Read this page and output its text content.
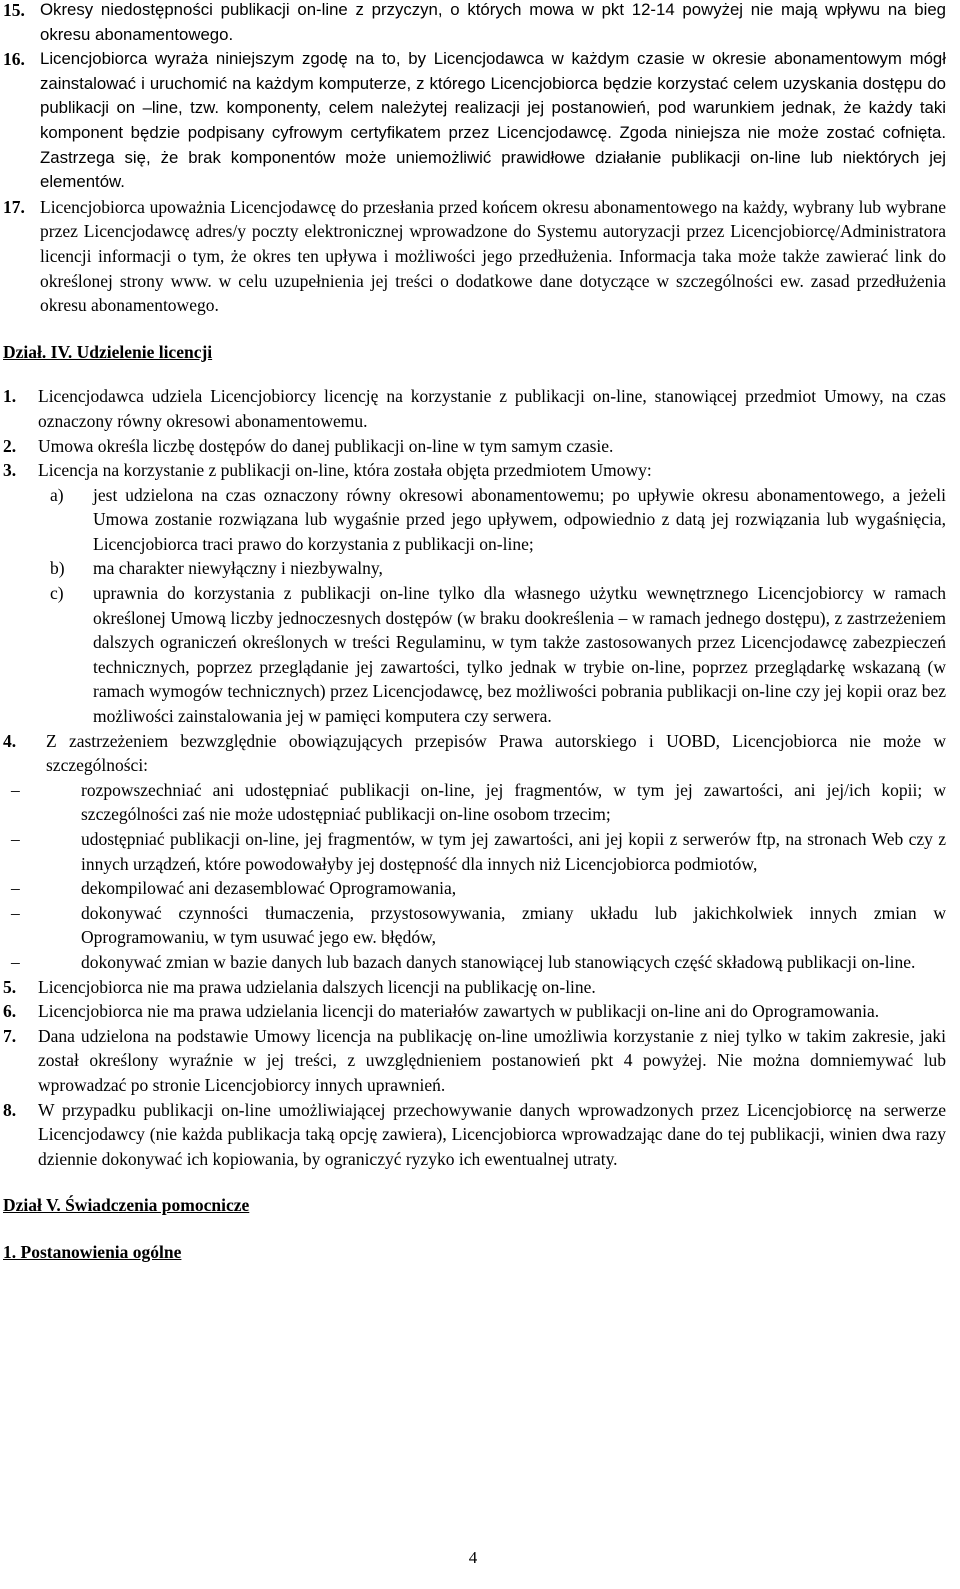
15. Okresy niedostępności publikacji on-line z przyczyn, o których mowa w pkt 12-14 powyżej nie mają wpływu na bieg okresu abonamentowego.
16. Licencjobiorca wyraża niniejszym zgodę na to, by Licencjodawca w każdym czasie w okresie abonamentowym mógł zainstalować i uruchomić na każdym komputerze, z którego Licencjobiorca będzie korzystać celem uzyskania dostępu do publikacji on –line, tzw. komponenty, celem należytej realizacji jej postanowień, pod warunkiem jednak, że każdy taki komponent będzie podpisany cyfrowym certyfikatem przez Licencjodawcę. Zgoda niniejsza nie może zostać cofnięta. Zastrzega się, że brak komponentów może uniemożliwić prawidłowe działanie publikacji on-line lub niektórych jej elementów.
17. Licencjobiorca upoważnia Licencjodawcę do przesłania przed końcem okresu abonamentowego na każdy, wybrany lub wybrane przez Licencjodawcę adres/y poczty elektronicznej wprowadzone do Systemu autoryzacji przez Licencjobiorcę/Administratora licencji informacji o tym, że okres ten upływa i możliwości jego przedłużenia. Informacja taka może także zawierać link do określonej strony www. w celu uzupełnienia jej treści o dodatkowe dane dotyczące w szczególności ew. zasad przedłużenia okresu abonamentowego.
Dział. IV. Udzielenie licencji
1.	Licencjodawca udziela Licencjobiorcy licencję na korzystanie z publikacji on-line, stanowiącej przedmiot Umowy, na czas oznaczony równy okresowi abonamentowemu.
2.	Umowa określa liczbę dostępów do danej publikacji on-line w tym samym czasie.
3.	Licencja na korzystanie z publikacji on-line, która została objęta przedmiotem Umowy:
a)	jest udzielona na czas oznaczony równy okresowi abonamentowemu; po upływie okresu abonamentowego, a jeżeli Umowa zostanie rozwiązana lub wygaśnie przed jego upływem, odpowiednio z datą jej rozwiązania lub wygaśnięcia, Licencjobiorca traci prawo do korzystania z publikacji on-line;
b)	ma charakter niewyłączny i niezbywalny,
c)	uprawnia do korzystania z publikacji on-line tylko dla własnego użytku wewnętrznego Licencjobiorcy w ramach określonej Umową liczby jednoczesnych dostępów (w braku dookreślenia – w ramach jednego dostępu), z zastrzeżeniem dalszych ograniczeń określonych w treści Regulaminu, w tym także zastosowanych przez Licencjodawcę zabezpieczeń technicznych, poprzez przeglądanie jej zawartości, tylko jednak w trybie on-line, poprzez przeglądarkę wskazaną (w ramach wymogów technicznych) przez Licencjodawcę, bez możliwości pobrania publikacji on-line czy jej kopii oraz bez możliwości zainstalowania jej w pamięci komputera czy serwera.
4.	Z zastrzeżeniem bezwzględnie obowiązujących przepisów Prawa autorskiego i UOBD, Licencjobiorca nie może w szczególności:
–	rozpowszechniać ani udostępniać publikacji on-line, jej fragmentów, w tym jej zawartości, ani jej/ich kopii; w szczególności zaś nie może udostępniać publikacji on-line osobom trzecim;
–	udostępniać publikacji on-line, jej fragmentów, w tym jej zawartości, ani jej kopii z serwerów ftp, na stronach Web czy z innych urządzeń, które powodowałyby jej dostępność dla innych niż Licencjobiorca podmiotów,
–	dekompilować ani dezasemblować Oprogramowania,
–	dokonywać czynności tłumaczenia, przystosowywania, zmiany układu lub jakichkolwiek innych zmian w Oprogramowaniu, w tym usuwać jego ew. błędów,
–	dokonywać zmian w bazie danych lub bazach danych stanowiącej lub stanowiących część składową publikacji on-line.
5.	Licencjobiorca nie ma prawa udzielania dalszych licencji na publikację on-line.
6.	Licencjobiorca nie ma prawa udzielania licencji do materiałów zawartych w publikacji on-line ani do Oprogramowania.
7.	Dana udzielona na podstawie Umowy licencja na publikację on-line umożliwia korzystanie z niej tylko w takim zakresie, jaki został określony wyraźnie w jej treści, z uwzględnieniem postanowień pkt 4 powyżej. Nie można domniemywać lub wprowadzać po stronie Licencjobiorcy innych uprawnień.
8.	W przypadku publikacji on-line umożliwiającej przechowywanie danych wprowadzonych przez Licencjobiorcę na serwerze Licencjodawcy (nie każda publikacja taką opcję zawiera), Licencjobiorca wprowadzając dane do tej publikacji, winien dwa razy dziennie dokonywać ich kopiowania, by ograniczyć ryzyko ich ewentualnej utraty.
Dział V. Świadczenia pomocnicze
1. Postanowienia ogólne
4
